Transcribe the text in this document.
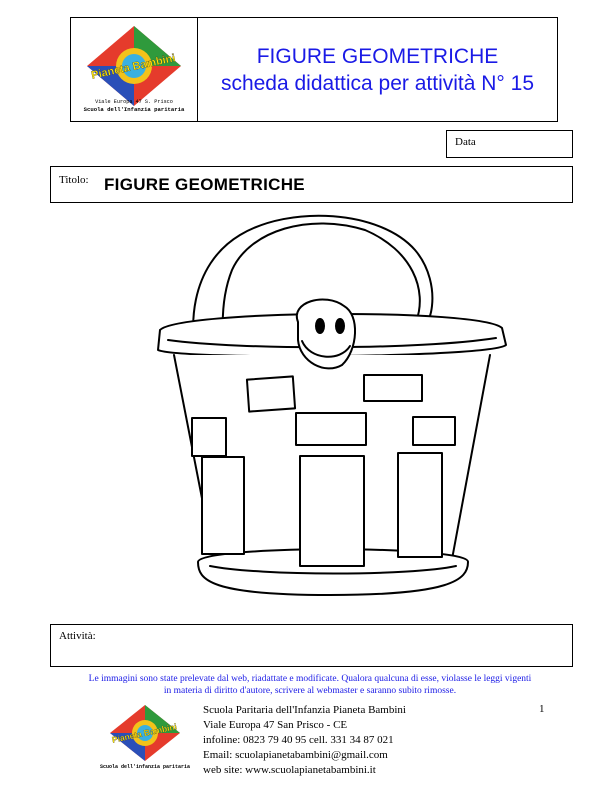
Pianeta Bambini
Viale Europa 47 S. Prisco
Scuola dell'Infanzia paritaria
FIGURE GEOMETRICHE
scheda didattica per attività N° 15
Data
Titolo: FIGURE GEOMETRICHE
Attività:
Le immagini sono state prelevate dal web, riadattate e modificate. Qualora qualcuna di esse, violasse le leggi vigenti
in materia di diritto d'autore, scrivere al webmaster e saranno subito rimosse.
Pianeta Bambini
Scuola dell'infanzia paritaria
Scuola Paritaria dell'Infanzia Pianeta Bambini
Viale Europa 47 San Prisco - CE
infoline: 0823 79 40 95 cell. 331 34 87 021
Email: scuolapianetabambini@gmail.com
web site: www.scuolapianetabambini.it
1
